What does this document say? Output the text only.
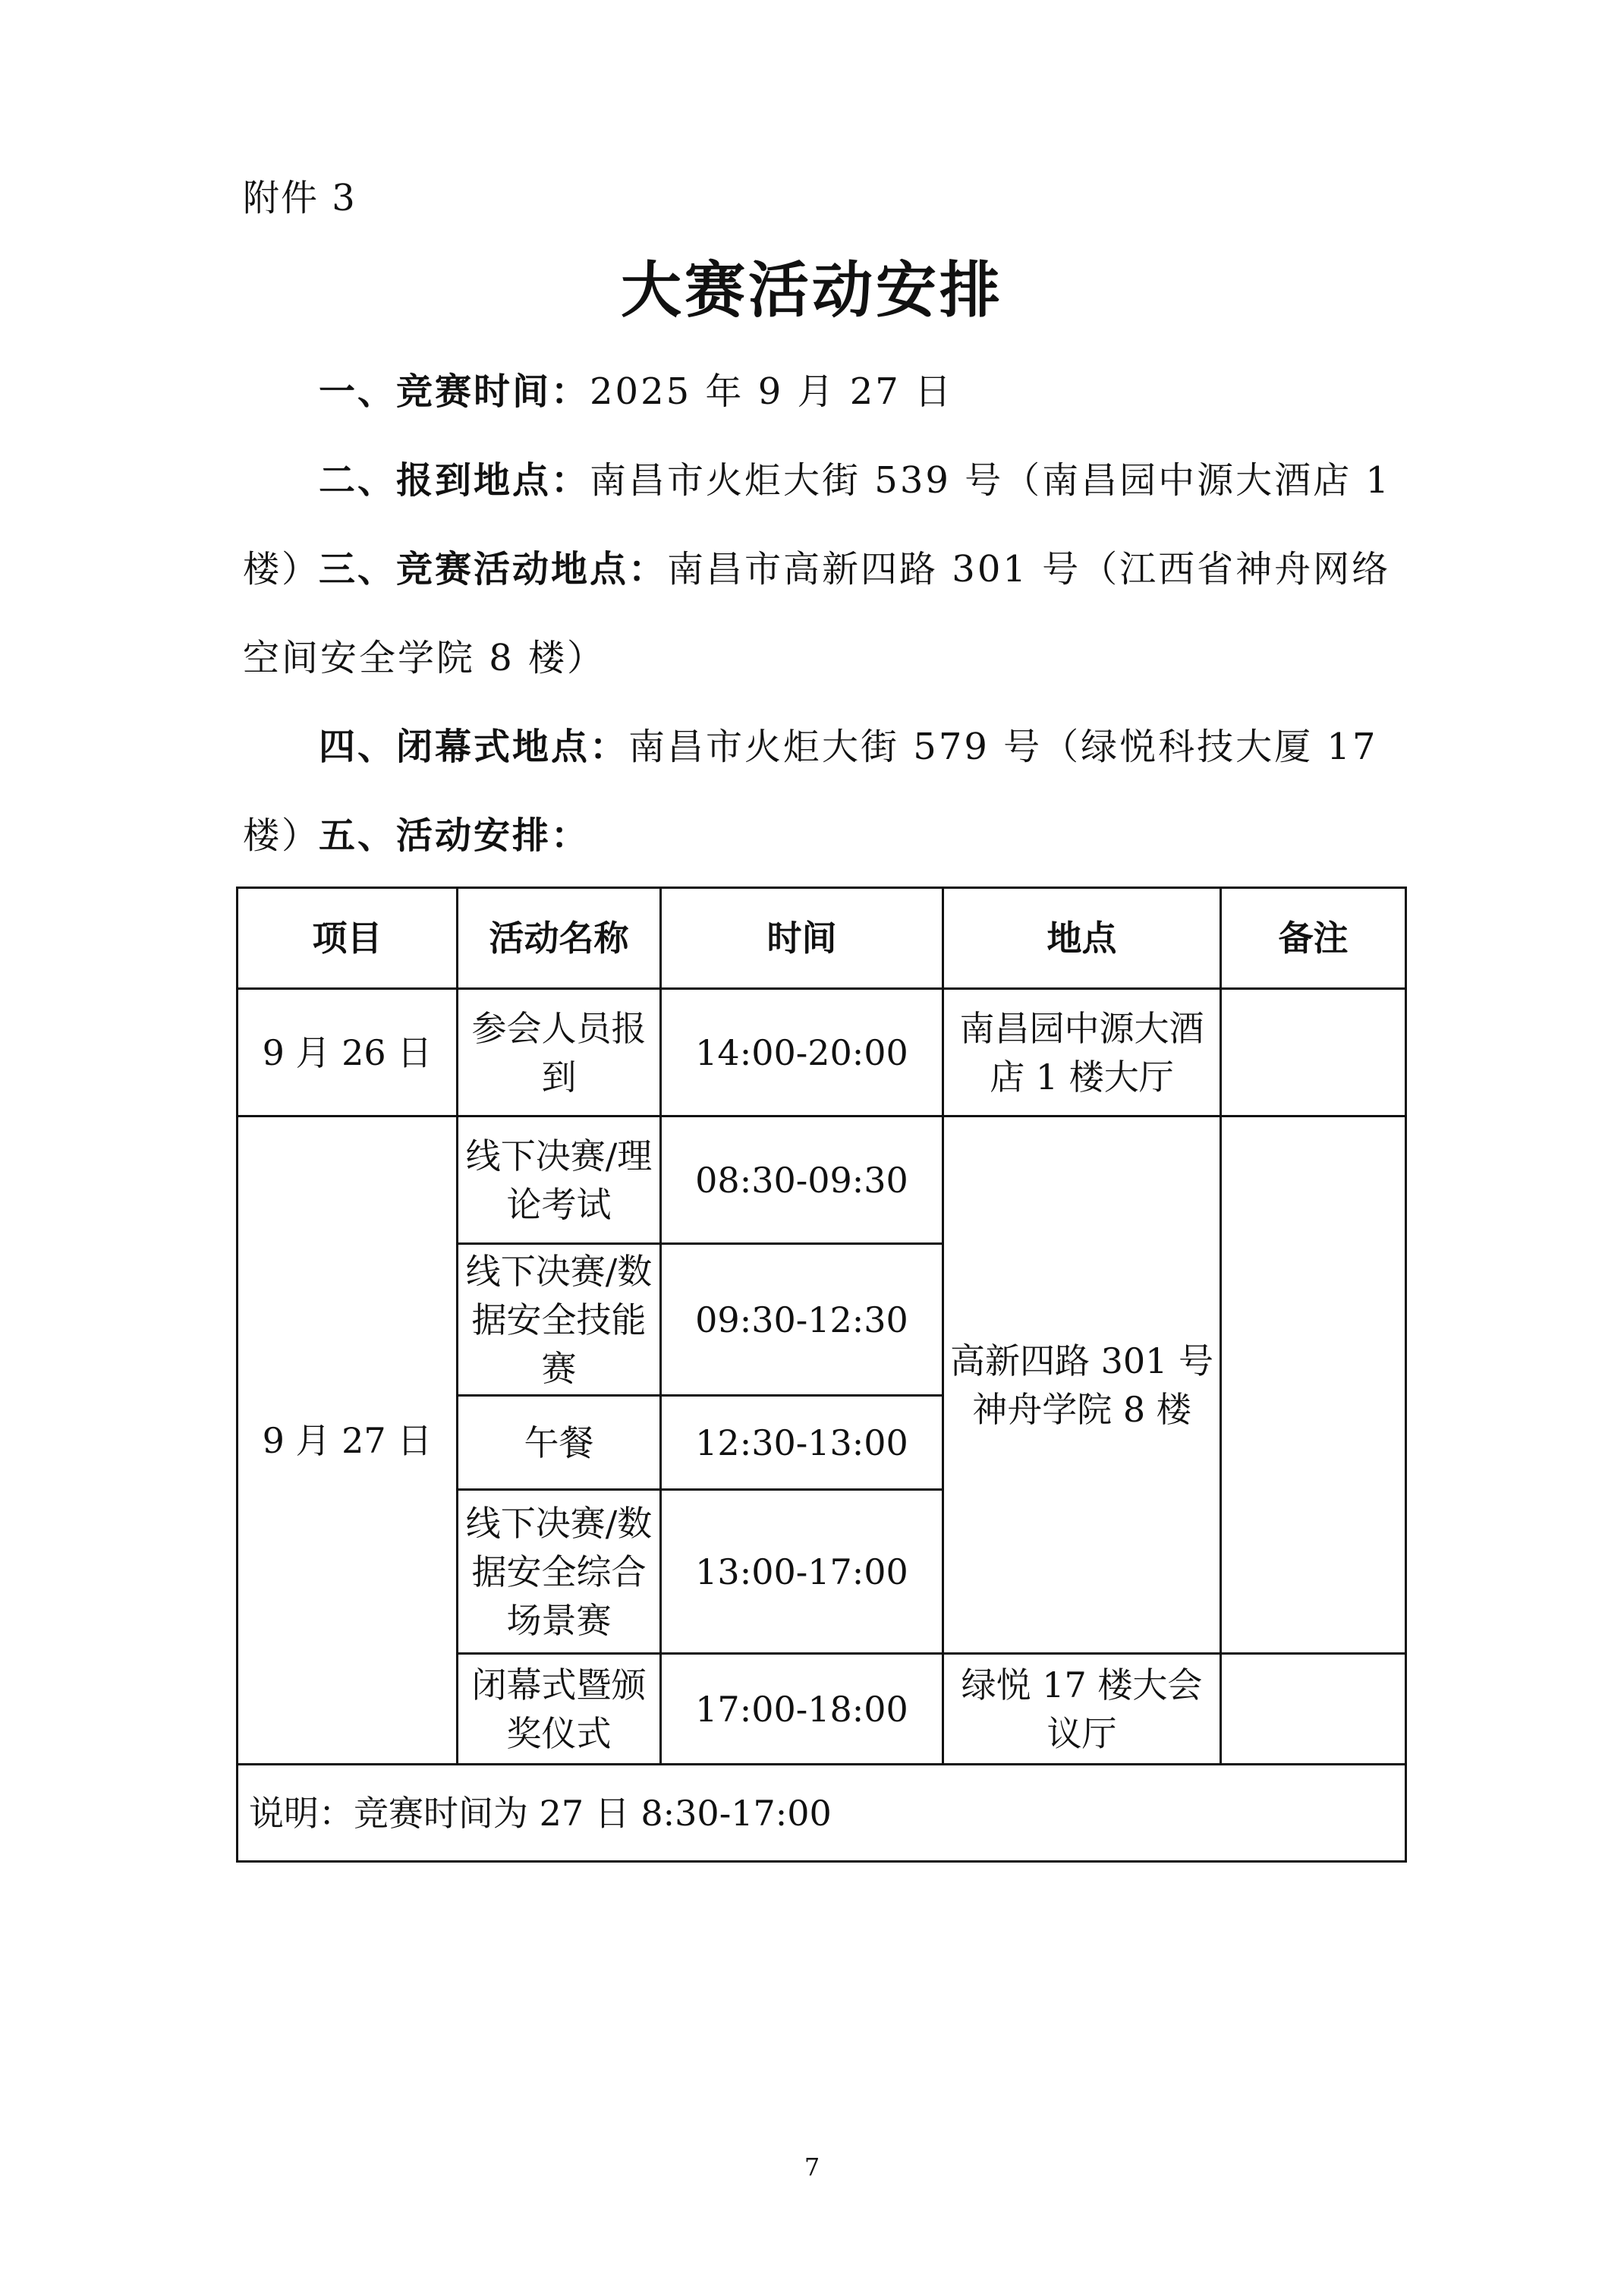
附件 3
大赛活动安排
一、竞赛时间：2025 年 9 月 27 日
二、报到地点：南昌市火炬大街 539 号（南昌园中源大酒店 1 楼）
三、竞赛活动地点：南昌市高新四路 301 号（江西省神舟网络空间安全学院 8 楼）
四、闭幕式地点：南昌市火炬大街 579 号（绿悦科技大厦 17 楼）
五、活动安排：
项目	活动名称	时间	地点	备注
9 月 26 日	参会人员报到	14:00-20:00	南昌园中源大酒店 1 楼大厅	
9 月 27 日	线下决赛/理论考试	08:30-09:30	高新四路 301 号神舟学院 8 楼	
	线下决赛/数据安全技能赛	09:30-12:30		
	午餐	12:30-13:00		
	线下决赛/数据安全综合场景赛	13:00-17:00		
	闭幕式暨颁奖仪式	17:00-18:00	绿悦 17 楼大会议厅	
说明：竞赛时间为 27 日 8:30-17:00				
7
